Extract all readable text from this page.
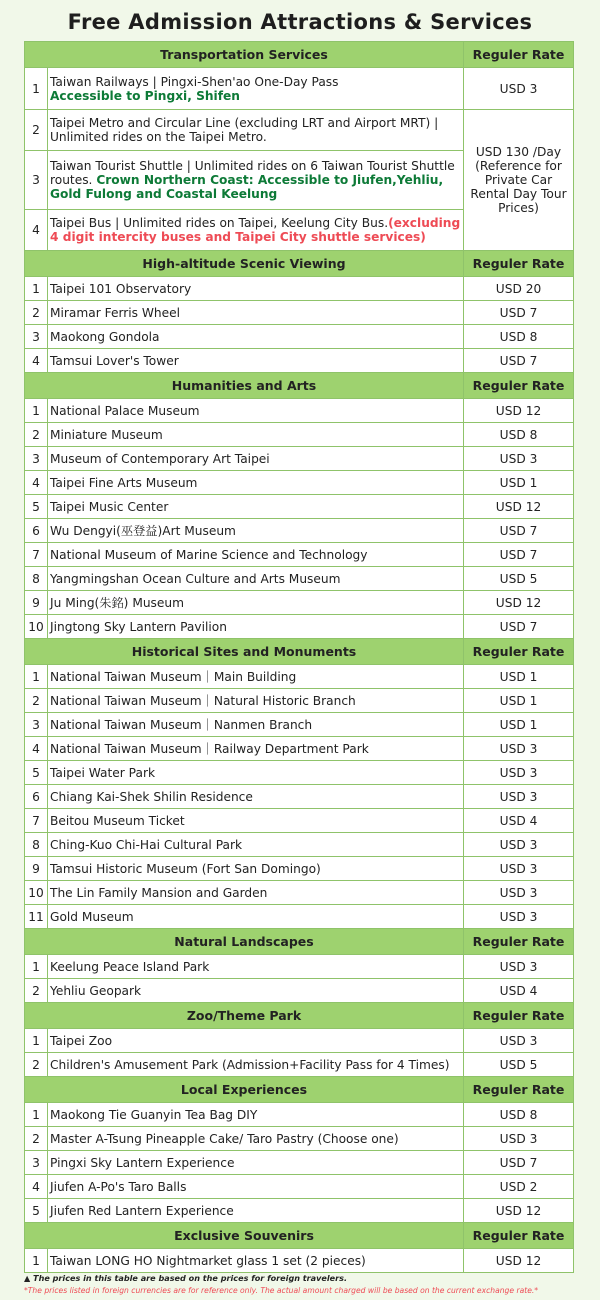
Free Admission Attractions & Services
Transportation Services		Reguler Rate
1	Taiwan Railways | Pingxi-Shen'ao One-Day Pass
Accessible to Pingxi, Shifen	USD 3
2	Taipei Metro and Circular Line (excluding LRT and Airport MRT) | Unlimited rides on the Taipei Metro.	USD 130 /Day (Reference for Private Car Rental Day Tour Prices)
3	Taiwan Tourist Shuttle | Unlimited rides on 6 Taiwan Tourist Shuttle routes. Crown Northern Coast: Accessible to Jiufen,Yehliu, Gold Fulong and Coastal Keelung	
4	Taipei Bus | Unlimited rides on Taipei, Keelung City Bus.(excluding 4 digit intercity buses and Taipei City shuttle services)	
High-altitude Scenic Viewing		Reguler Rate
1	Taipei 101 Observatory	USD 20
2	Miramar Ferris Wheel	USD 7
3	Maokong Gondola	USD 8
4	Tamsui Lover's Tower	USD 7
Humanities and Arts		Reguler Rate
1	National Palace Museum	USD 12
2	Miniature Museum	USD 8
3	Museum of Contemporary Art Taipei	USD 3
4	Taipei Fine Arts Museum	USD 1
5	Taipei Music Center	USD 12
6	Wu Dengyi(巫登益)Art Museum	USD 7
7	National Museum of Marine Science and Technology	USD 7
8	Yangmingshan Ocean Culture and Arts Museum	USD 5
9	Ju Ming(朱銘) Museum	USD 12
10	Jingtong Sky Lantern Pavilion	USD 7
Historical Sites and Monuments		Reguler Rate
1	National Taiwan Museum｜Main Building	USD 1
2	National Taiwan Museum｜Natural Historic Branch	USD 1
3	National Taiwan Museum｜Nanmen Branch	USD 1
4	National Taiwan Museum｜Railway Department Park	USD 3
5	Taipei Water Park	USD 3
6	Chiang Kai-Shek Shilin Residence	USD 3
7	Beitou Museum Ticket	USD 4
8	Ching-Kuo Chi-Hai Cultural Park	USD 3
9	Tamsui Historic Museum (Fort San Domingo)	USD 3
10	The Lin Family Mansion and Garden	USD 3
11	Gold Museum	USD 3
Natural Landscapes		Reguler Rate
1	Keelung Peace Island Park	USD 3
2	Yehliu Geopark	USD 4
Zoo/Theme Park		Reguler Rate
1	Taipei Zoo	USD 3
2	Children's Amusement Park (Admission+Facility Pass for 4 Times)	USD 5
Local Experiences		Reguler Rate
1	Maokong Tie Guanyin Tea Bag DIY	USD 8
2	Master A-Tsung Pineapple Cake/ Taro Pastry (Choose one)	USD 3
3	Pingxi Sky Lantern Experience	USD 7
4	Jiufen A-Po's Taro Balls	USD 2
5	Jiufen Red Lantern Experience	USD 12
Exclusive Souvenirs		Reguler Rate
1	Taiwan LONG HO Nightmarket glass 1 set (2 pieces)	USD 12
▲ The prices in this table are based on the prices for foreign travelers.
*The prices listed in foreign currencies are for reference only. The actual amount charged will be based on the current exchange rate.*
